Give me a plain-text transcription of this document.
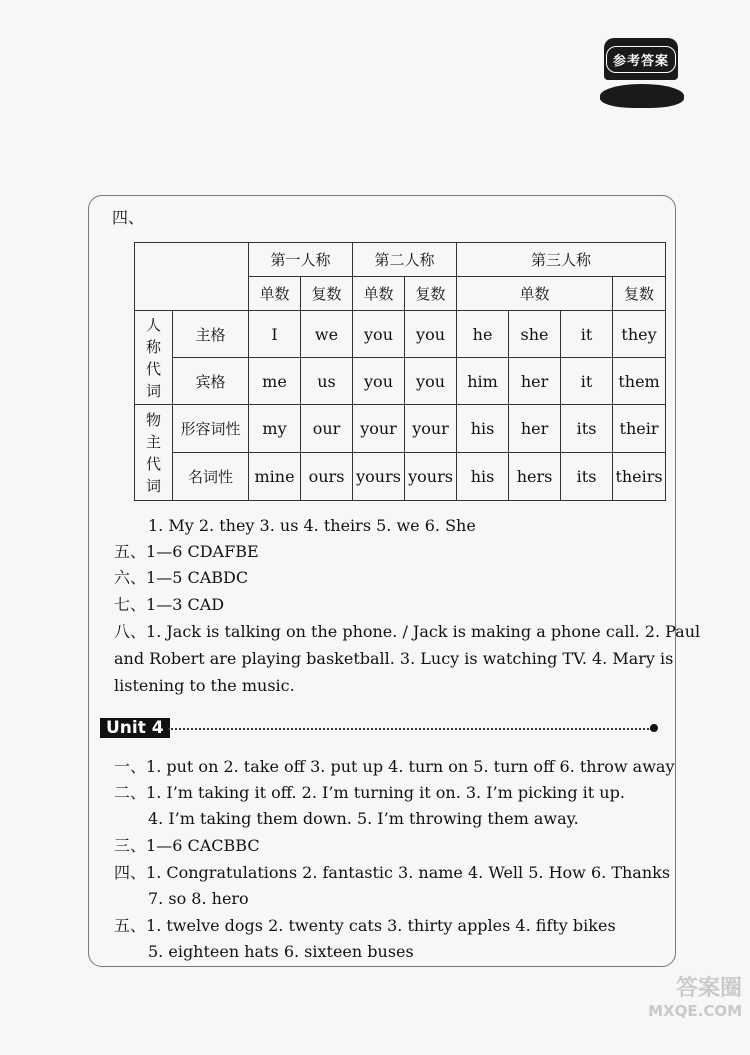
参考答案
四、
		第一人称		第二人称		第三人称			
		单数	复数	单数	复数	单数			复数
人
称
代
词	主格	I	we	you	you	he	she	it	they
	宾格	me	us	you	you	him	her	it	them
物
主
代
词	形容词性	my	our	your	your	his	her	its	their
	名词性	mine	ours	yours	yours	his	hers	its	theirs
1. My 2. they 3. us 4. theirs 5. we 6. She
五、1—6 CDAFBE
六、1—5 CABDC
七、1—3 CAD
八、1. Jack is talking on the phone. / Jack is making a phone call. 2. Paul
and Robert are playing basketball. 3. Lucy is watching TV. 4. Mary is
listening to the music.
Unit 4
一、1. put on 2. take off 3. put up 4. turn on 5. turn off 6. throw away
二、1. I’m taking it off. 2. I’m turning it on. 3. I’m picking it up.
4. I’m taking them down. 5. I’m throwing them away.
三、1—6 CACBBC
四、1. Congratulations 2. fantastic 3. name 4. Well 5. How 6. Thanks
7. so 8. hero
五、1. twelve dogs 2. twenty cats 3. thirty apples 4. fifty bikes
5. eighteen hats 6. sixteen buses
答案圈
MXQE.COM
